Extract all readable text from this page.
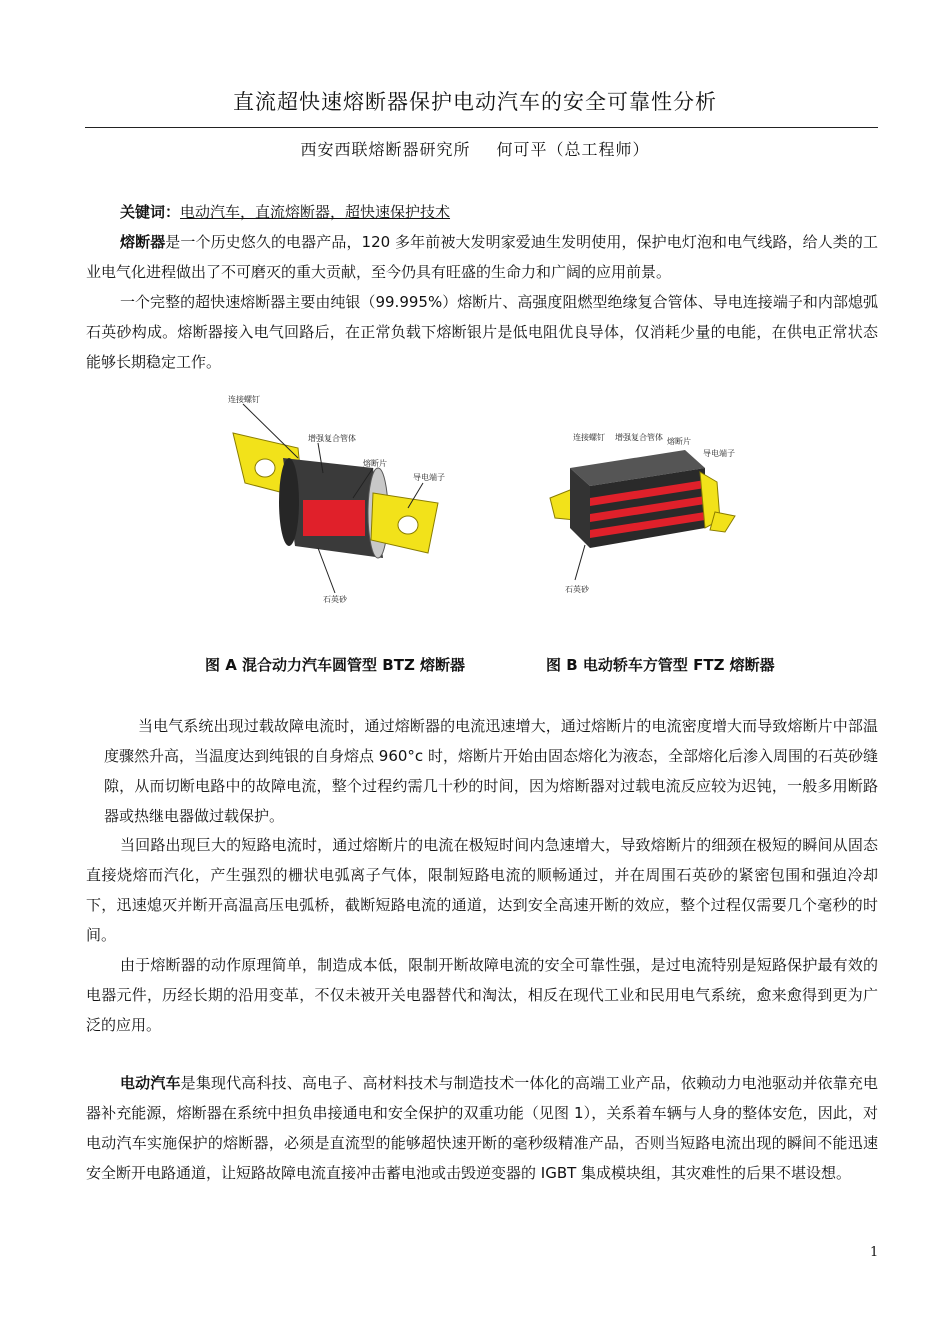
直流超快速熔断器保护电动汽车的安全可靠性分析
西安西联熔断器研究所 何可平（总工程师）
关键词：电动汽车，直流熔断器，超快速保护技术
熔断器是一个历史悠久的电器产品，120 多年前被大发明家爱迪生发明使用，保护电灯泡和电气线路，给人类的工业电气化进程做出了不可磨灭的重大贡献，至今仍具有旺盛的生命力和广阔的应用前景。
一个完整的超快速熔断器主要由纯银（99.995%）熔断片、高强度阻燃型绝缘复合管体、导电连接端子和内部熄弧石英砂构成。熔断器接入电气回路后，在正常负载下熔断银片是低电阻优良导体，仅消耗少量的电能，在供电正常状态能够长期稳定工作。
连接螺钉
增强复合管体
熔断片
导电端子
石英砂
连接螺钉 增强复合管体 熔断片
导电端子
石英砂
图 A 混合动力汽车圆管型 BTZ 熔断器	图 B 电动轿车方管型 FTZ 熔断器
当电气系统出现过载故障电流时，通过熔断器的电流迅速增大，通过熔断片的电流密度增大而导致熔断片中部温度骤然升高，当温度达到纯银的自身熔点 960°c 时，熔断片开始由固态熔化为液态，全部熔化后渗入周围的石英砂缝隙，从而切断电路中的故障电流，整个过程约需几十秒的时间，因为熔断器对过载电流反应较为迟钝，一般多用断路器或热继电器做过载保护。
当回路出现巨大的短路电流时，通过熔断片的电流在极短时间内急速增大，导致熔断片的细颈在极短的瞬间从固态直接烧熔而汽化，产生强烈的栅状电弧离子气体，限制短路电流的顺畅通过，并在周围石英砂的紧密包围和强迫冷却下，迅速熄灭并断开高温高压电弧桥，截断短路电流的通道，达到安全高速开断的效应，整个过程仅需要几个毫秒的时间。
由于熔断器的动作原理简单，制造成本低，限制开断故障电流的安全可靠性强，是过电流特别是短路保护最有效的电器元件，历经长期的沿用变革，不仅未被开关电器替代和淘汰，相反在现代工业和民用电气系统，愈来愈得到更为广泛的应用。
电动汽车是集现代高科技、高电子、高材料技术与制造技术一体化的高端工业产品，依赖动力电池驱动并依靠充电器补充能源，熔断器在系统中担负串接通电和安全保护的双重功能（见图 1），关系着车辆与人身的整体安危，因此，对电动汽车实施保护的熔断器，必须是直流型的能够超快速开断的毫秒级精准产品，否则当短路电流出现的瞬间不能迅速安全断开电路通道，让短路故障电流直接冲击蓄电池或击毁逆变器的 IGBT 集成模块组，其灾难性的后果不堪设想。
1
